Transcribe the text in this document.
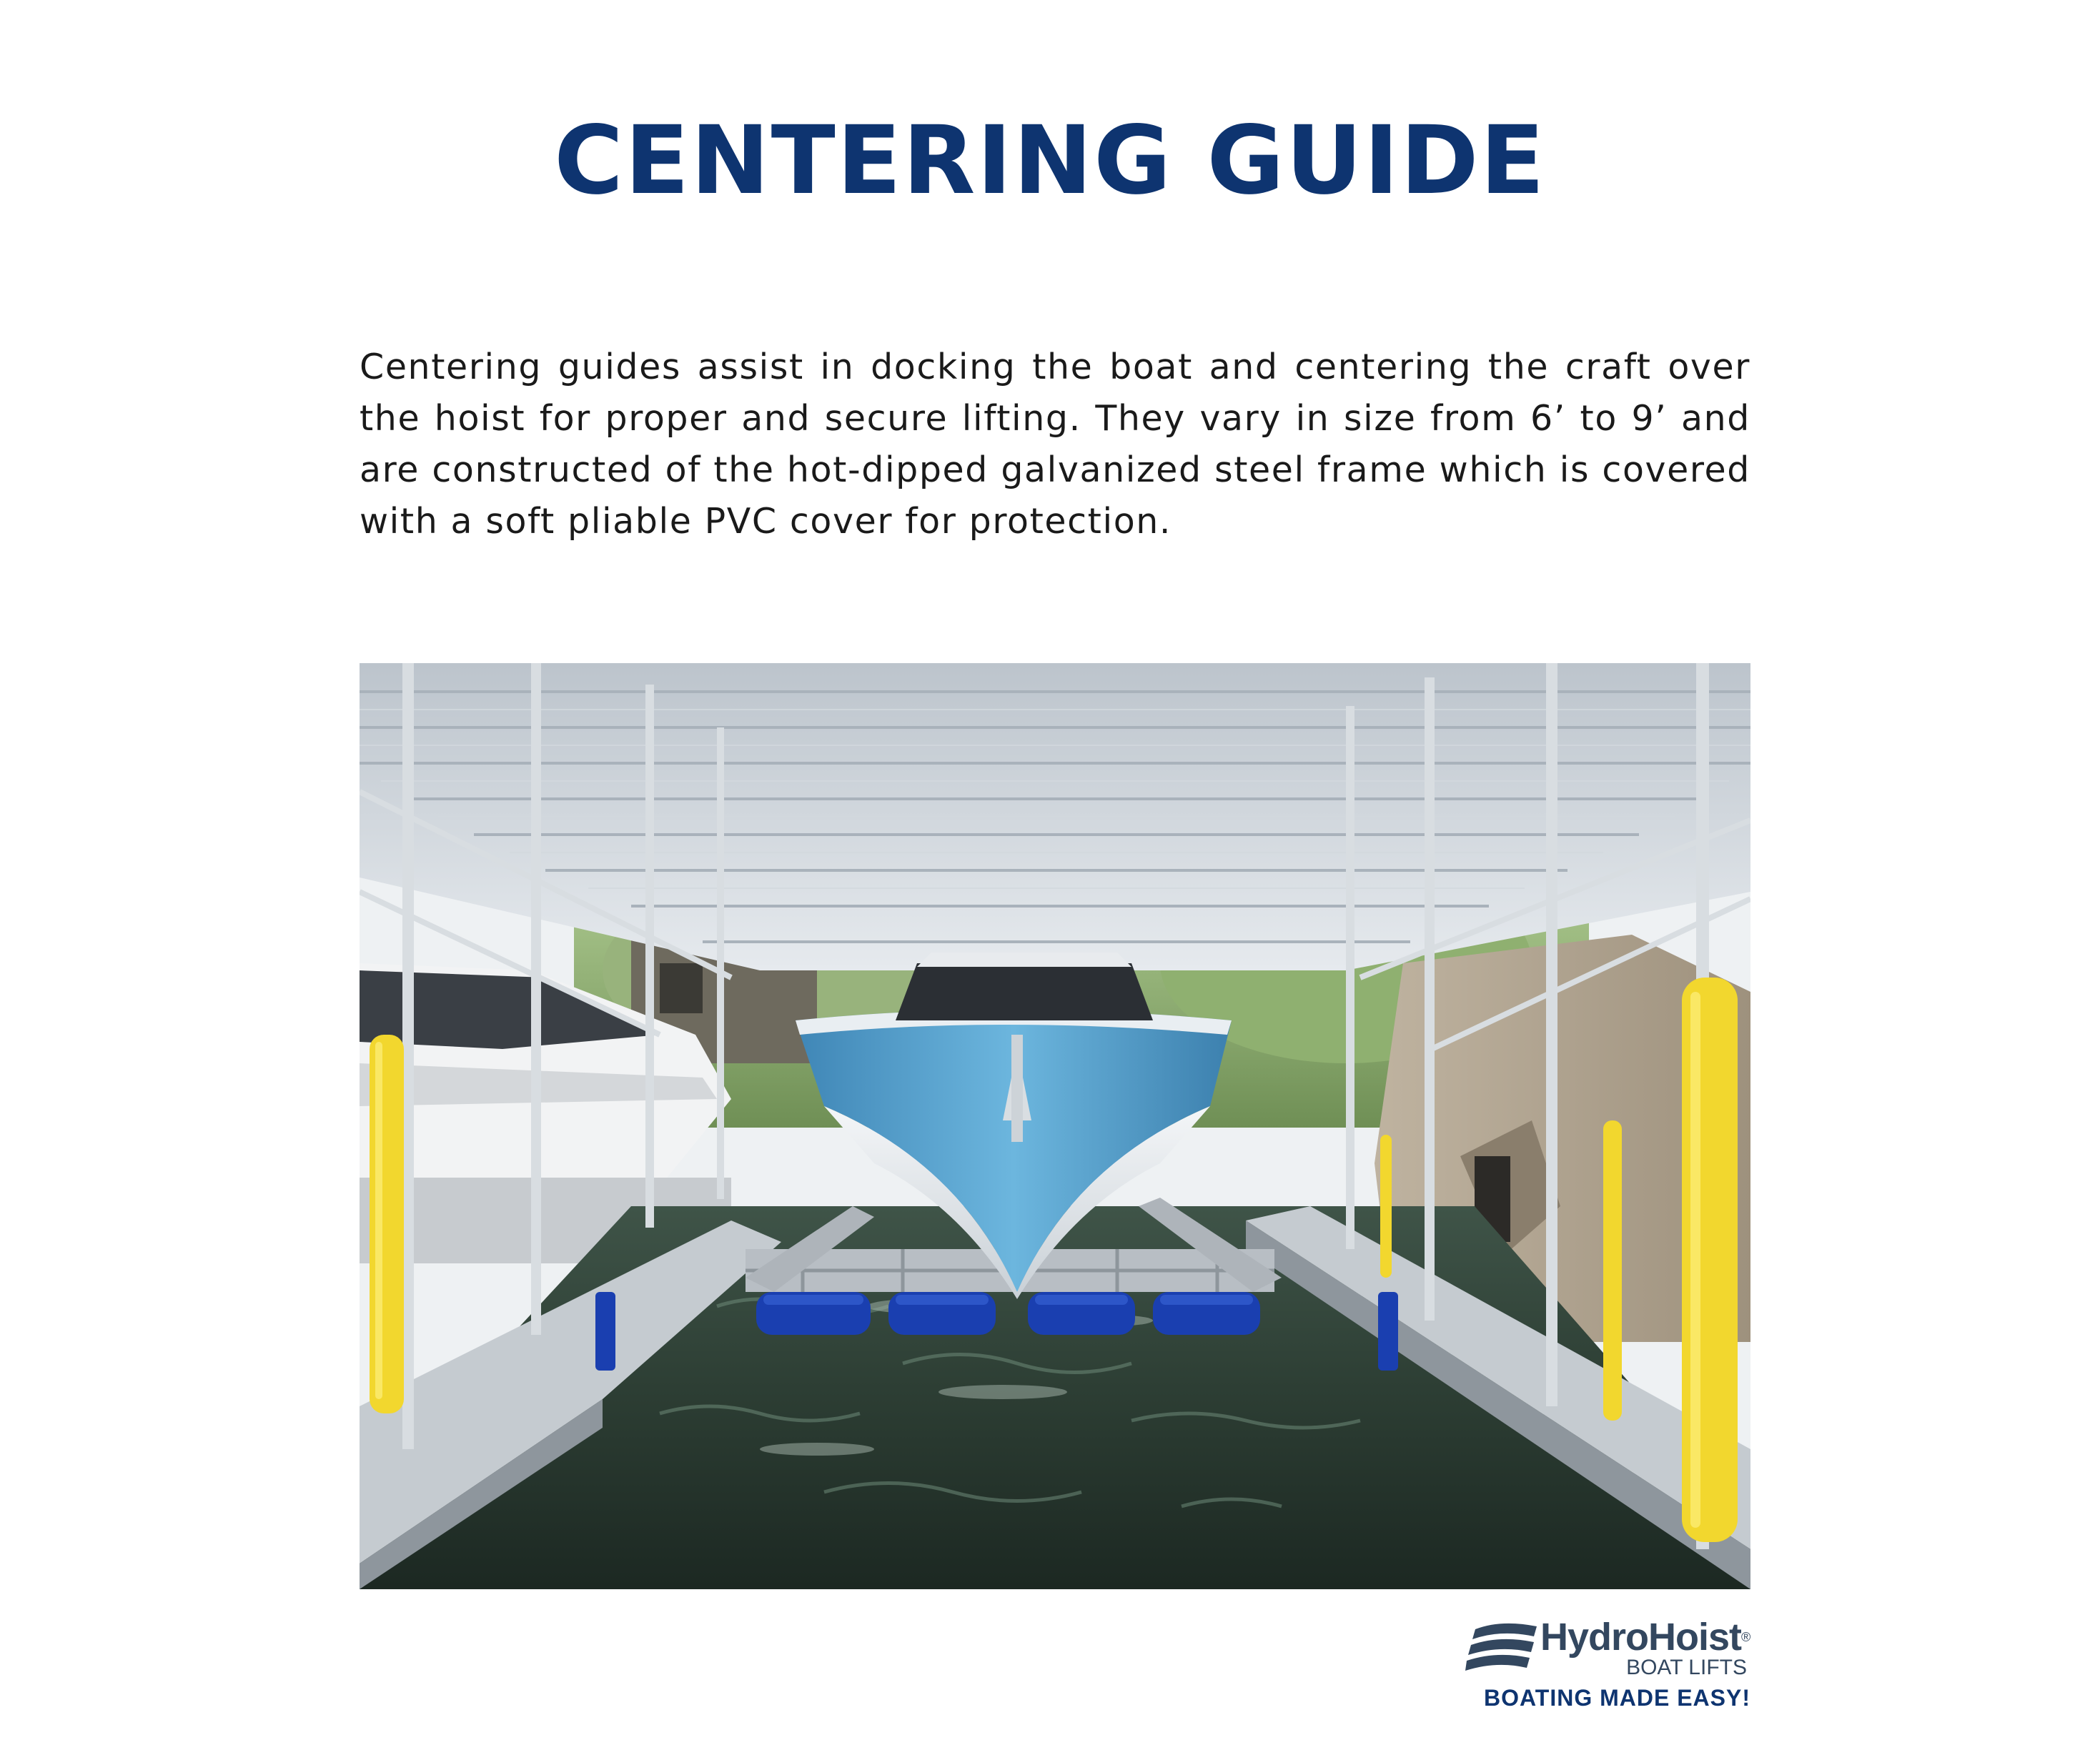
CENTERING GUIDE
Centering guides assist in docking the boat and centering the craft over the hoist for proper and secure lifting. They vary in size from 6’ to 9’ and are constructed of the hot-dipped galvanized steel frame which is covered with a soft pliable PVC cover for protection.
HydroHoist®
BOAT LIFTS
BOATING MADE EASY!
